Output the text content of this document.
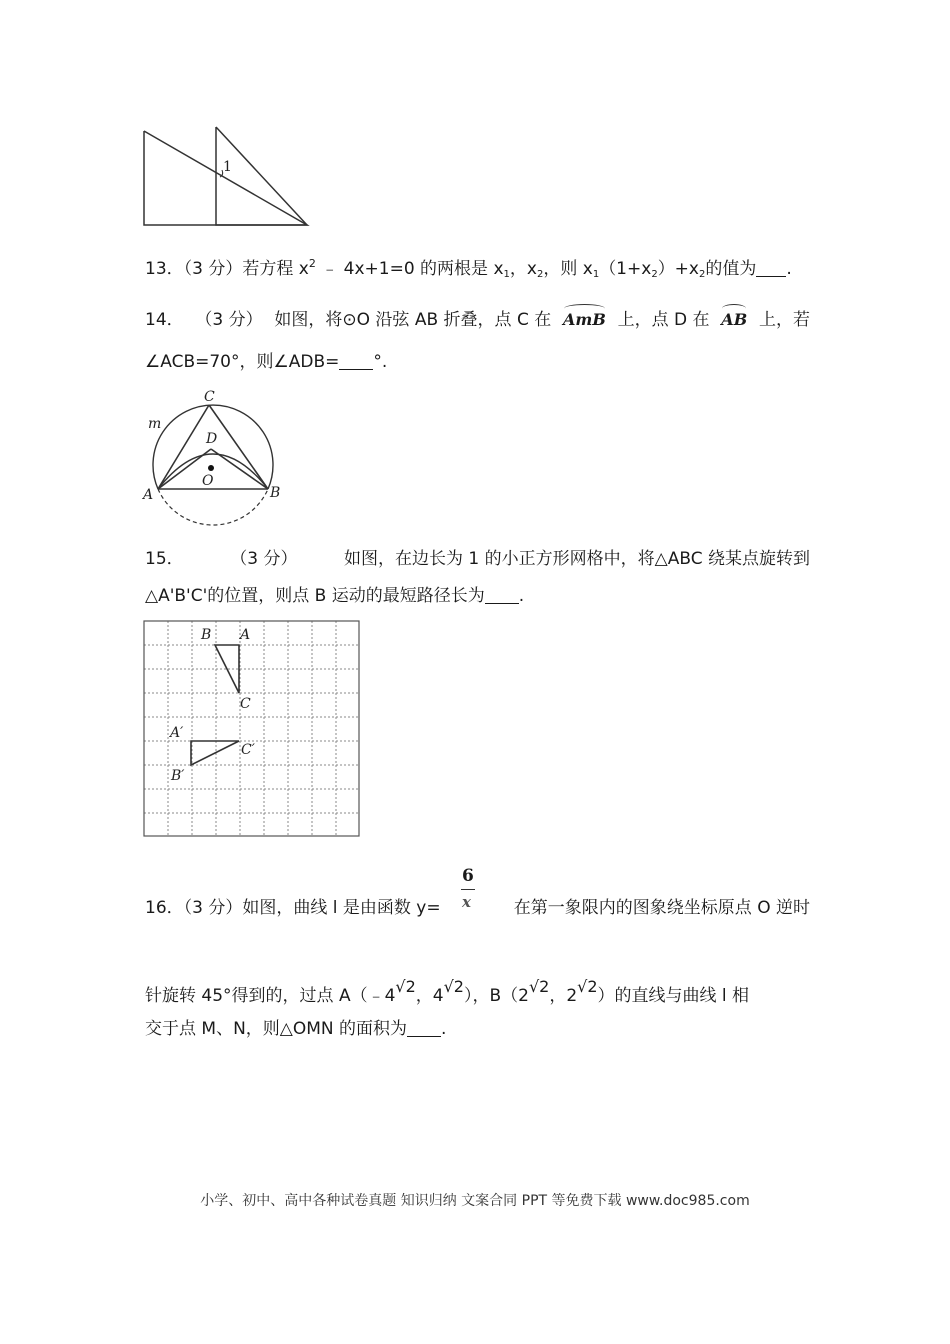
1
13．（3 分）若方程 $x^2$ ﹣ 4x+1=0 的两根是 $x_1$，$x_2$，则 $x_1(1+x_2)+x_2$的值为 .
14． （3 分） 如图，将⊙O 沿弦 AB 折叠，点 C 在 AmB 上，点 D 在 AB 上，若
∠ACB=70°，则∠ADB= °.
C
m
D
O
A	B
15．	（3 分）	如图，在边长为 1 的小正方形网格中，将△ABC 绕某点旋转到
△A'B'C'的位置，则点 B 运动的最短路径长为 .
B A
C
A′
C′
B′
6
x
16．（3 分）如图，曲线 l 是由函数 y=	在第一象限内的图象绕坐标原点 O 逆时
针旋转 45°得到的，过点 A（﹣4√2，4√2），B（2√2，2√2）的直线与曲线 l 相
交于点 M、N，则△OMN 的面积为 .
小学、初中、高中各种试卷真题 知识归纳 文案合同 PPT 等免费下载 www.doc985.com
